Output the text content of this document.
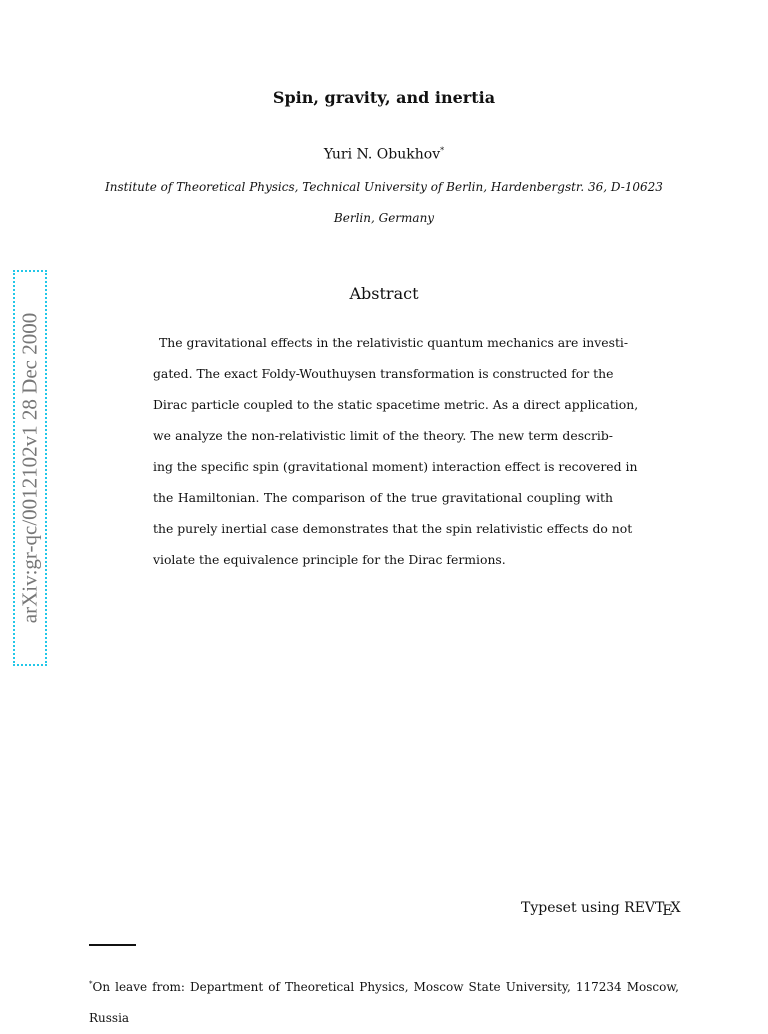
arXiv:gr-qc/0012102v1 28 Dec 2000
Spin, gravity, and inertia
Yuri N. Obukhov*
Institute of Theoretical Physics, Technical University of Berlin, Hardenbergstr. 36, D-10623
Berlin, Germany
Abstract
The gravitational effects in the relativistic quantum mechanics are investi-
gated. The exact Foldy-Wouthuysen transformation is constructed for the
Dirac particle coupled to the static spacetime metric. As a direct application,
we analyze the non-relativistic limit of the theory. The new term describ-
ing the specific spin (gravitational moment) interaction effect is recovered in
the Hamiltonian. The comparison of the true gravitational coupling with
the purely inertial case demonstrates that the spin relativistic effects do not
violate the equivalence principle for the Dirac fermions.
Typeset using REVTEX
*On leave from: Department of Theoretical Physics, Moscow State University, 117234 Moscow,
Russia
